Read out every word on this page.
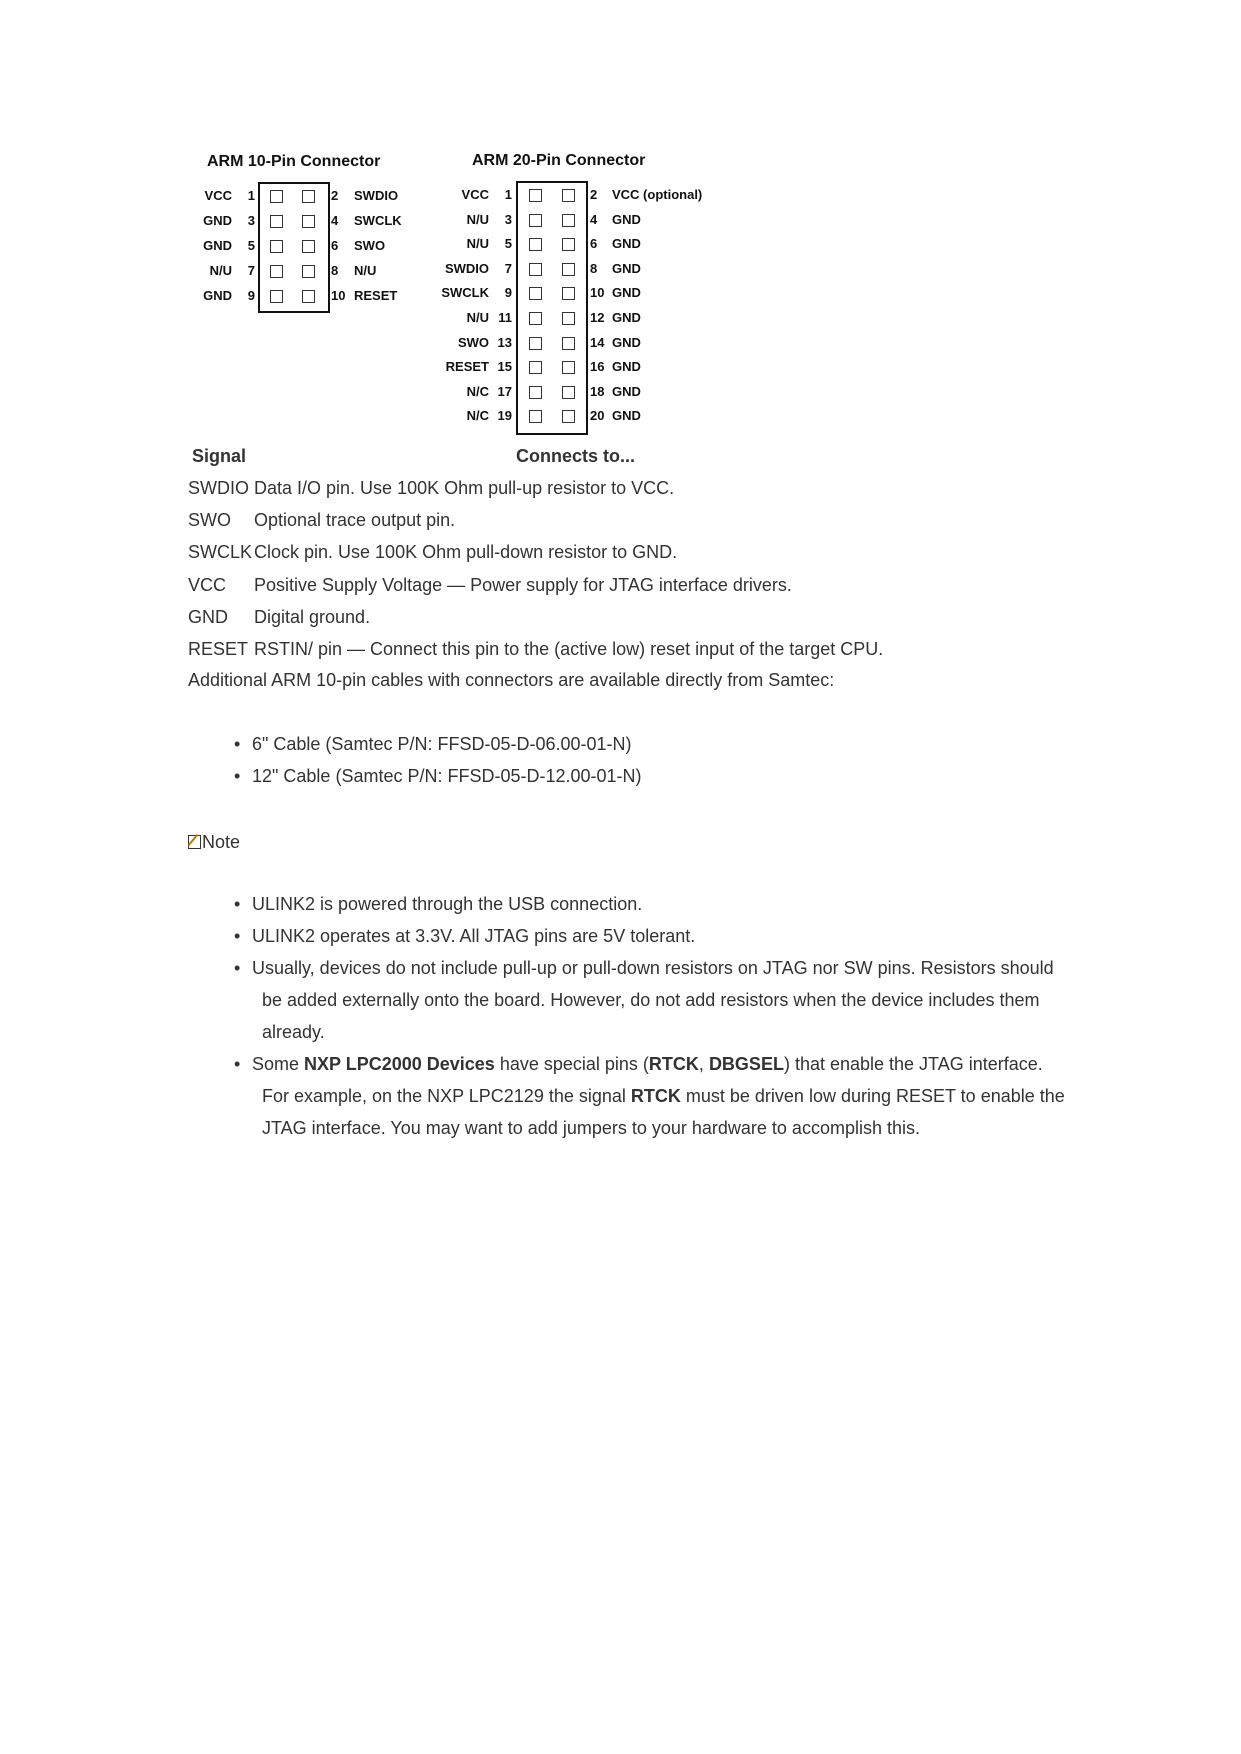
ARM 10-Pin Connector	ARM 20-Pin Connector
VCC 1	2 SWDIO
GND 3	4 SWCLK
GND 5	6 SWO
N/U 7	8 N/U
GND 9	10 RESET
VCC 1	2 VCC (optional)
N/U 3	4 GND
N/U 5	6 GND
SWDIO 7	8 GND
SWCLK 9	10 GND
N/U 11	12 GND
SWO 13	14 GND
RESET 15	16 GND
N/C 17	18 GND
N/C 19	20 GND
Signal	Connects to...
SWDIO Data I/O pin. Use 100K Ohm pull-up resistor to VCC.
SWO Optional trace output pin.
SWCLK Clock pin. Use 100K Ohm pull-down resistor to GND.
VCC Positive Supply Voltage — Power supply for JTAG interface drivers.
GND Digital ground.
RESET RSTIN/ pin — Connect this pin to the (active low) reset input of the target CPU.
Additional ARM 10-pin cables with connectors are available directly from Samtec:
• 6" Cable (Samtec P/N: FFSD-05-D-06.00-01-N)
• 12" Cable (Samtec P/N: FFSD-05-D-12.00-01-N)
Note
• ULINK2 is powered through the USB connection.
• ULINK2 operates at 3.3V. All JTAG pins are 5V tolerant.
• Usually, devices do not include pull-up or pull-down resistors on JTAG nor SW pins. Resistors should be added externally onto the board. However, do not add resistors when the device includes them already.
• Some NXP LPC2000 Devices have special pins (RTCK, DBGSEL) that enable the JTAG interface. For example, on the NXP LPC2129 the signal RTCK must be driven low during RESET to enable the JTAG interface. You may want to add jumpers to your hardware to accomplish this.
